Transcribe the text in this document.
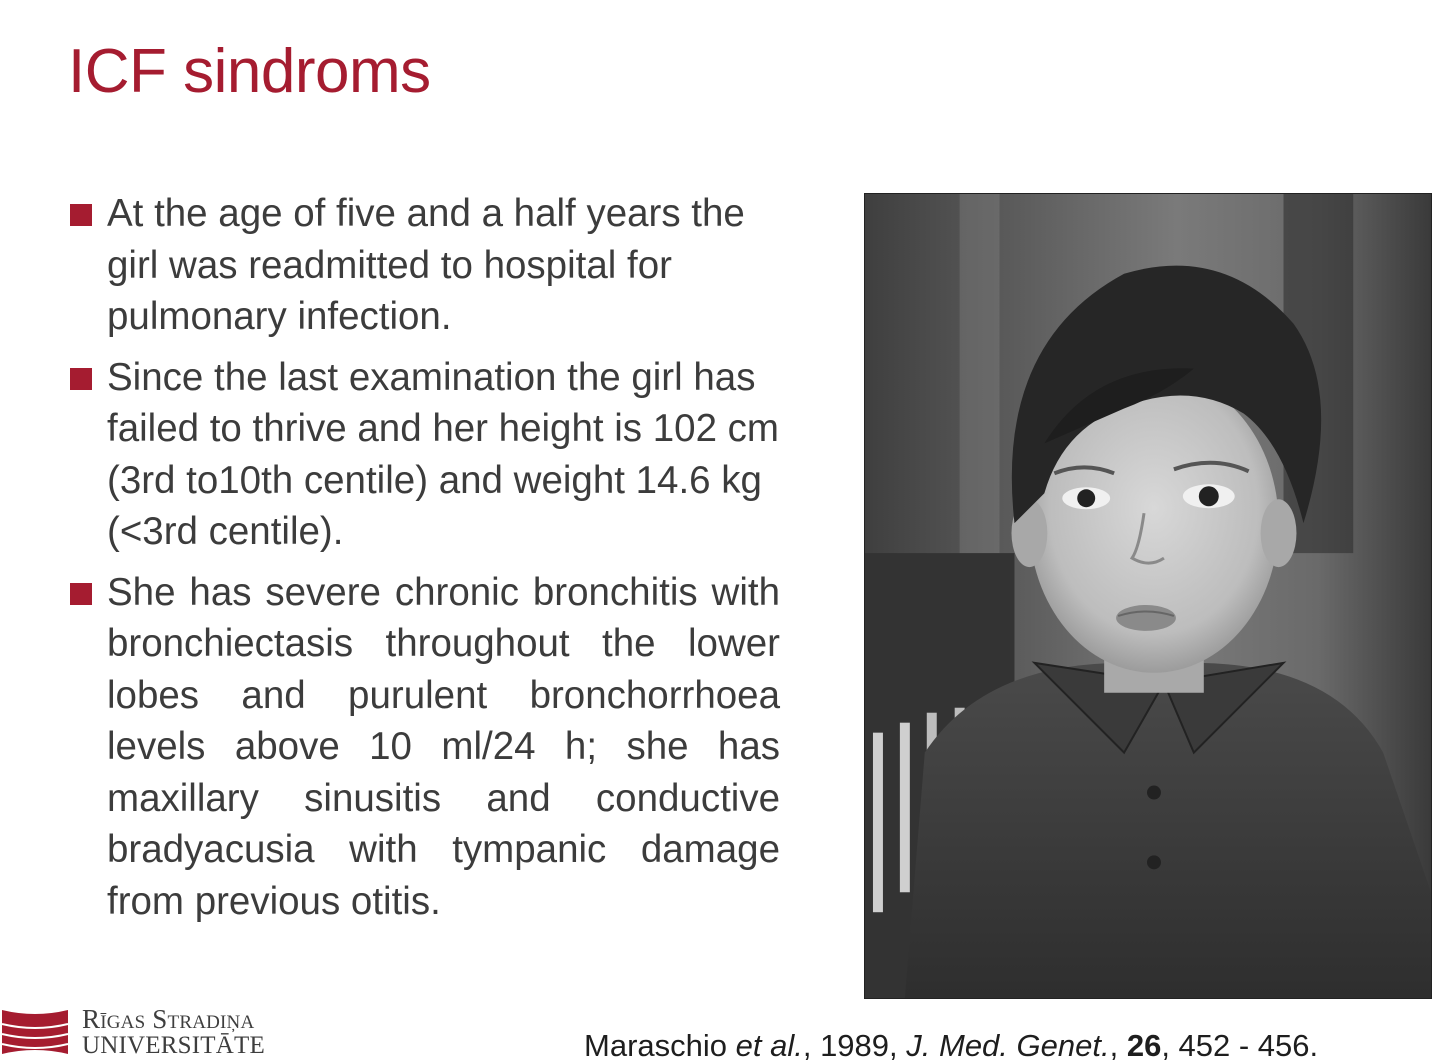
ICF sindroms
At the age of five and a half years the girl was readmitted to hospital for pulmonary infection.
Since the last examination the girl has failed to thrive and her height is 102 cm (3rd to10th centile) and weight 14.6 kg (<3rd centile).
She has severe chronic bronchitis with bronchiectasis throughout the lower lobes and purulent bronchorrhoea levels above 10 ml/24 h; she has maxillary sinusitis and conductive bradyacusia with tympanic damage from previous otitis.
Rīgas Stradiņa
UNIVERSITĀTE	Maraschio et al., 1989, J. Med. Genet., 26, 452 - 456.
